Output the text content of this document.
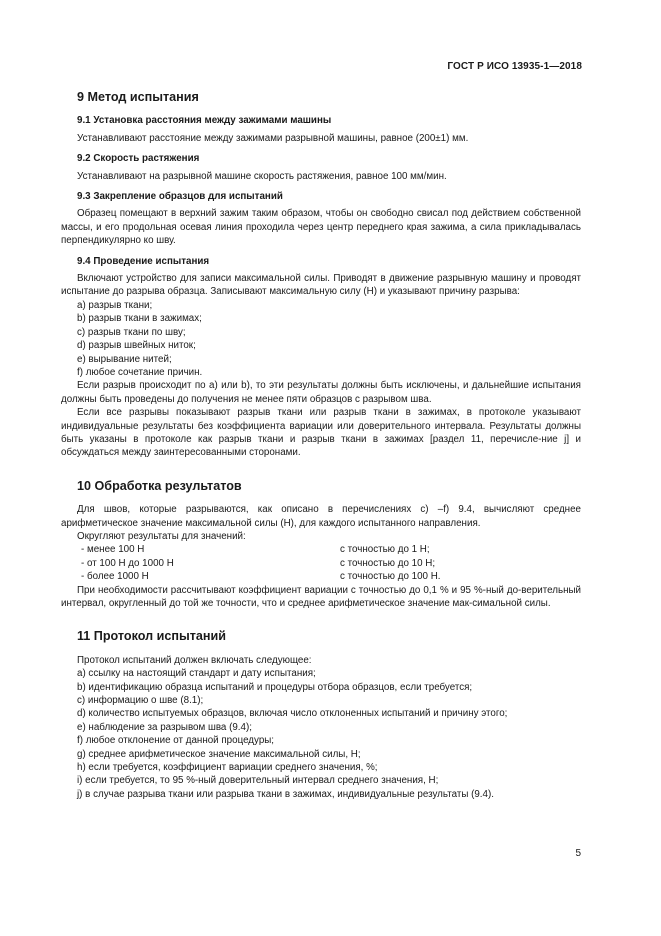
ГОСТ Р ИСО 13935-1—2018
9 Метод испытания
9.1 Установка расстояния между зажимами машины

Устанавливают расстояние между зажимами разрывной машины, равное (200±1) мм.

9.2 Скорость растяжения

Устанавливают на разрывной машине скорость растяжения, равное 100 мм/мин.

9.3 Закрепление образцов для испытаний

Образец помещают в верхний зажим таким образом, чтобы он свободно свисал под действием собственной массы, и его продольная осевая линия проходила через центр переднего края зажима, а сила прикладывалась перпендикулярно ко шву.

9.4 Проведение испытания

Включают устройство для записи максимальной силы. Приводят в движение разрывную машину и проводят испытание до разрыва образца. Записывают максимальную силу (Н) и указывают причину разрыва:

a) разрыв ткани;
b) разрыв ткани в зажимах;
c) разрыв ткани по шву;
d) разрыв швейных ниток;
e) вырывание нитей;
f) любое сочетание причин.

Если разрыв происходит по a) или b), то эти результаты должны быть исключены, и дальнейшие испытания должны быть проведены до получения не менее пяти образцов с разрывом шва.

Если все разрывы показывают разрыв ткани или разрыв ткани в зажимах, в протоколе указывают индивидуальные результаты без коэффициента вариации или доверительного интервала. Результаты должны быть указаны в протоколе как разрыв ткани и разрыв ткани в зажимах [раздел 11, перечисле-ние j] и обсуждаться между заинтересованными сторонами.

10 Обработка результатов

Для швов, которые разрываются, как описано в перечислениях c) –f) 9.4, вычисляют среднее арифметическое значение максимальной силы (Н), для каждого испытанного направления.

Округляют результаты для значений:

- менее 100 Н	с точностью до 1 Н;
- от 100 Н до 1000 Н	с точностью до 10 Н;
- более 1000 Н	с точностью до 100 Н.

При необходимости рассчитывают коэффициент вариации с точностью до 0,1 % и 95 %-ный до-верительный интервал, округленный до той же точности, что и среднее арифметическое значение мак-симальной силы.

11 Протокол испытаний

Протокол испытаний должен включать следующее:

a) ссылку на настоящий стандарт и дату испытания;
b) идентификацию образца испытаний и процедуры отбора образцов, если требуется;
c) информацию о шве (8.1);
d) количество испытуемых образцов, включая число отклоненных испытаний и причину этого;
e) наблюдение за разрывом шва (9.4);
f) любое отклонение от данной процедуры;
g) среднее арифметическое значение максимальной силы, Н;
h) если требуется, коэффициент вариации среднего значения, %;
i) если требуется, то 95 %-ный доверительный интервал среднего значения, Н;
j) в случае разрыва ткани или разрыва ткани в зажимах, индивидуальные результаты (9.4).
5
